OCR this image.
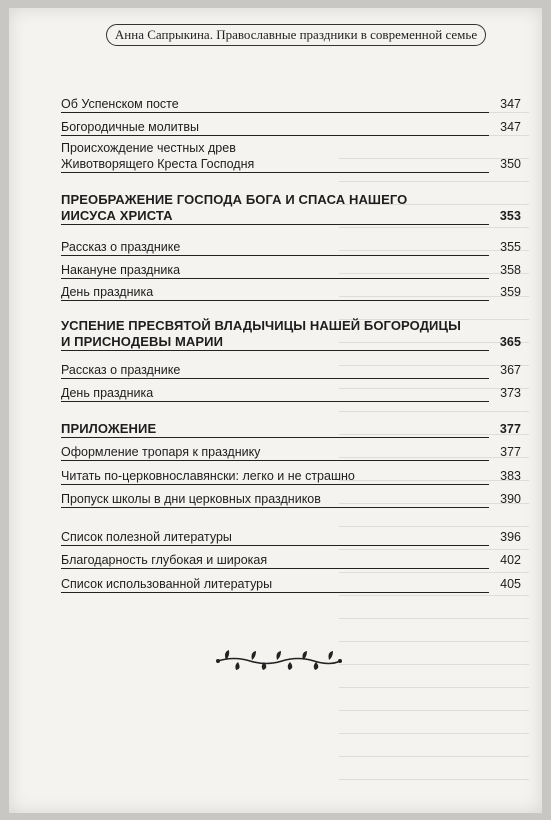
Анна Сапрыкина. Православные праздники в современной семье
Об Успенском посте	347
Богородичные молитвы	347
Происхождение честных древ
Животворящего Креста Господня	350
ПРЕОБРАЖЕНИЕ ГОСПОДА БОГА И СПАСА НАШЕГО
ИИСУСА ХРИСТА	353
Рассказ о празднике	355
Накануне праздника	358
День праздника	359
УСПЕНИЕ ПРЕСВЯТОЙ ВЛАДЫЧИЦЫ НАШЕЙ БОГОРОДИЦЫ
И ПРИСНОДЕВЫ МАРИИ	365
Рассказ о празднике	367
День праздника	373
ПРИЛОЖЕНИЕ	377
Оформление тропаря к празднику	377
Читать по-церковнославянски: легко и не страшно	383
Пропуск школы в дни церковных праздников	390
Список полезной литературы	396
Благодарность глубокая и широкая	402
Список использованной литературы	405
